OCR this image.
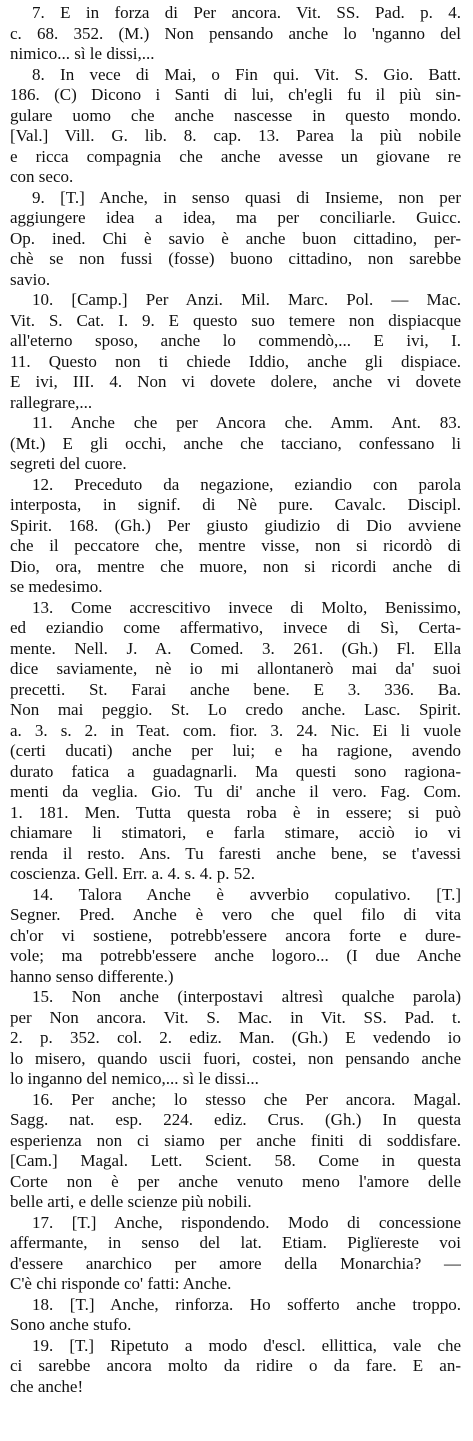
7. E in forza di Per ancora. Vit. SS. Pad. p. 4.
c. 68. 352. (M.) Non pensando anche lo 'nganno del
nimico... sì le dissi,...
8. In vece di Mai, o Fin qui. Vit. S. Gio. Batt.
186. (C) Dicono i Santi di lui, ch'egli fu il più sin-
gulare uomo che anche nascesse in questo mondo.
[Val.] Vill. G. lib. 8. cap. 13. Parea la più nobile
e ricca compagnia che anche avesse un giovane re
con seco.
9. [T.] Anche, in senso quasi di Insieme, non per
aggiungere idea a idea, ma per conciliarle. Guicc.
Op. ined. Chi è savio è anche buon cittadino, per-
chè se non fussi (fosse) buono cittadino, non sarebbe
savio.
10. [Camp.] Per Anzi. Mil. Marc. Pol. — Mac.
Vit. S. Cat. I. 9. E questo suo temere non dispiacque
all'eterno sposo, anche lo commendò,... E ivi, I.
11. Questo non ti chiede Iddio, anche gli dispiace.
E ivi, III. 4. Non vi dovete dolere, anche vi dovete
rallegrare,...
11. Anche che per Ancora che. Amm. Ant. 83.
(Mt.) E gli occhi, anche che tacciano, confessano li
segreti del cuore.
12. Preceduto da negazione, eziandio con parola
interposta, in signif. di Nè pure. Cavalc. Discipl.
Spirit. 168. (Gh.) Per giusto giudizio di Dio avviene
che il peccatore che, mentre visse, non si ricordò di
Dio, ora, mentre che muore, non si ricordi anche di
se medesimo.
13. Come accrescitivo invece di Molto, Benissimo,
ed eziandio come affermativo, invece di Sì, Certa-
mente. Nell. J. A. Comed. 3. 261. (Gh.) Fl. Ella
dice saviamente, nè io mi allontanerò mai da' suoi
precetti. St. Farai anche bene. E 3. 336. Ba.
Non mai peggio. St. Lo credo anche. Lasc. Spirit.
a. 3. s. 2. in Teat. com. fior. 3. 24. Nic. Ei li vuole
(certi ducati) anche per lui; e ha ragione, avendo
durato fatica a guadagnarli. Ma questi sono ragiona-
menti da veglia. Gio. Tu di' anche il vero. Fag. Com.
1. 181. Men. Tutta questa roba è in essere; si può
chiamare li stimatori, e farla stimare, acciò io vi
renda il resto. Ans. Tu faresti anche bene, se t'avessi
coscienza. Gell. Err. a. 4. s. 4. p. 52.
14. Talora Anche è avverbio copulativo. [T.]
Segner. Pred. Anche è vero che quel filo di vita
ch'or vi sostiene, potrebb'essere ancora forte e dure-
vole; ma potrebb'essere anche logoro... (I due Anche
hanno senso differente.)
15. Non anche (interpostavi altresì qualche parola)
per Non ancora. Vit. S. Mac. in Vit. SS. Pad. t.
2. p. 352. col. 2. ediz. Man. (Gh.) E vedendo io
lo misero, quando uscii fuori, costei, non pensando anche
lo inganno del nemico,... sì le dissi...
16. Per anche; lo stesso che Per ancora. Magal.
Sagg. nat. esp. 224. ediz. Crus. (Gh.) In questa
esperienza non ci siamo per anche finiti di soddisfare.
[Cam.] Magal. Lett. Scient. 58. Come in questa
Corte non è per anche venuto meno l'amore delle
belle arti, e delle scienze più nobili.
17. [T.] Anche, rispondendo. Modo di concessione
affermante, in senso del lat. Etiam. Piglïereste voi
d'essere anarchico per amore della Monarchia? —
C'è chi risponde co' fatti: Anche.
18. [T.] Anche, rinforza. Ho sofferto anche troppo.
Sono anche stufo.
19. [T.] Ripetuto a modo d'escl. ellittica, vale che
ci sarebbe ancora molto da ridire o da fare. E an-
che anche!
